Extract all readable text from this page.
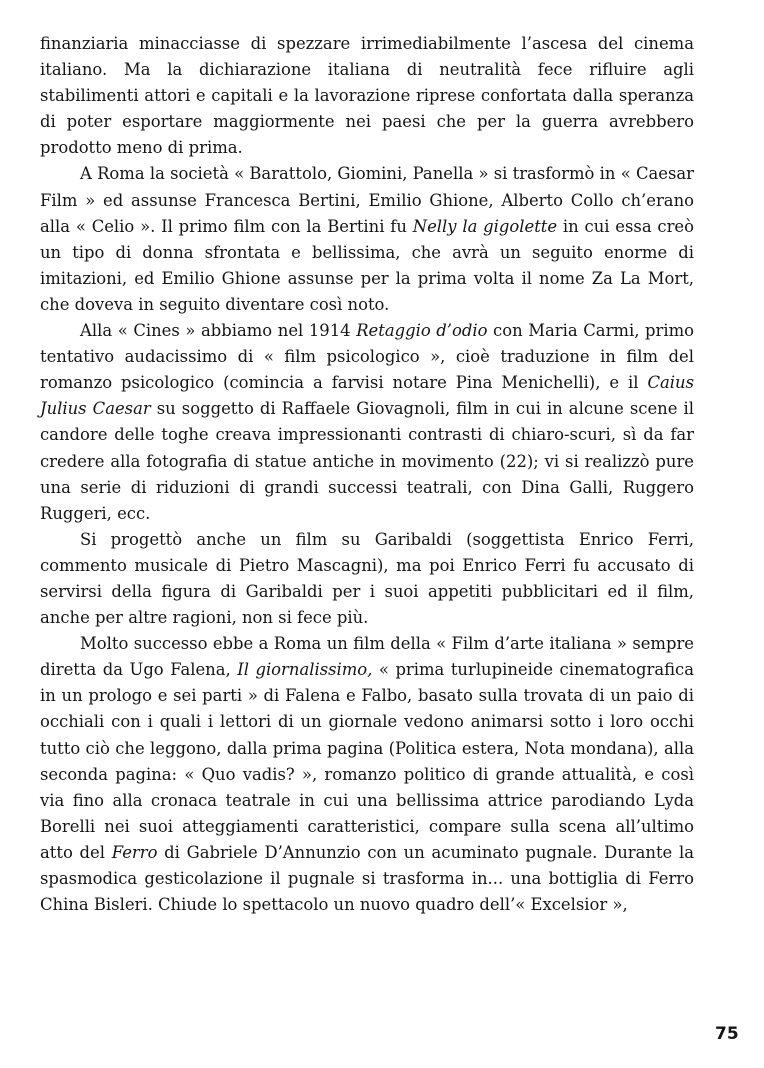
finanziaria minacciasse di spezzare irrimediabilmente l’ascesa del cinema italiano. Ma la dichiarazione italiana di neutralità fece rifluire agli stabilimenti attori e capitali e la lavorazione riprese confortata dalla speranza di poter esportare maggiormente nei paesi che per la guerra avrebbero prodotto meno di prima.

A Roma la società « Barattolo, Giomini, Panella » si trasformò in « Caesar Film » ed assunse Francesca Bertini, Emilio Ghione, Alberto Collo ch’erano alla « Celio ». Il primo film con la Bertini fu Nelly la gigolette in cui essa creò un tipo di donna sfrontata e bellissima, che avrà un seguito enorme di imitazioni, ed Emilio Ghione assunse per la prima volta il nome Za La Mort, che doveva in seguito diventare così noto.

Alla « Cines » abbiamo nel 1914 Retaggio d’odio con Maria Carmi, primo tentativo audacissimo di « film psicologico », cioè traduzione in film del romanzo psicologico (comincia a farvisi notare Pina Menichelli), e il Caius Julius Caesar su soggetto di Raffaele Giovagnoli, film in cui in alcune scene il candore delle toghe creava impressionanti contrasti di chiaro-scuri, sì da far credere alla fotografia di statue antiche in movimento (22); vi si realizzò pure una serie di riduzioni di grandi successi teatrali, con Dina Galli, Ruggero Ruggeri, ecc.

Si progettò anche un film su Garibaldi (soggettista Enrico Ferri, commento musicale di Pietro Mascagni), ma poi Enrico Ferri fu accusato di servirsi della figura di Garibaldi per i suoi appetiti pubblicitari ed il film, anche per altre ragioni, non si fece più.

Molto successo ebbe a Roma un film della « Film d’arte italiana » sempre diretta da Ugo Falena, Il giornalissimo, « prima turlupineide cinematografica in un prologo e sei parti » di Falena e Falbo, basato sulla trovata di un paio di occhiali con i quali i lettori di un giornale vedono animarsi sotto i loro occhi tutto ciò che leggono, dalla prima pagina (Politica estera, Nota mondana), alla seconda pagina: « Quo vadis? », romanzo politico di grande attualità, e così via fino alla cronaca teatrale in cui una bellissima attrice parodiando Lyda Borelli nei suoi atteggiamenti caratteristici, compare sulla scena all’ultimo atto del Ferro di Gabriele D’Annunzio con un acuminato pugnale. Durante la spasmodica gesticolazione il pugnale si trasforma in... una bottiglia di Ferro China Bisleri. Chiude lo spettacolo un nuovo quadro dell’« Excelsior »,

75
